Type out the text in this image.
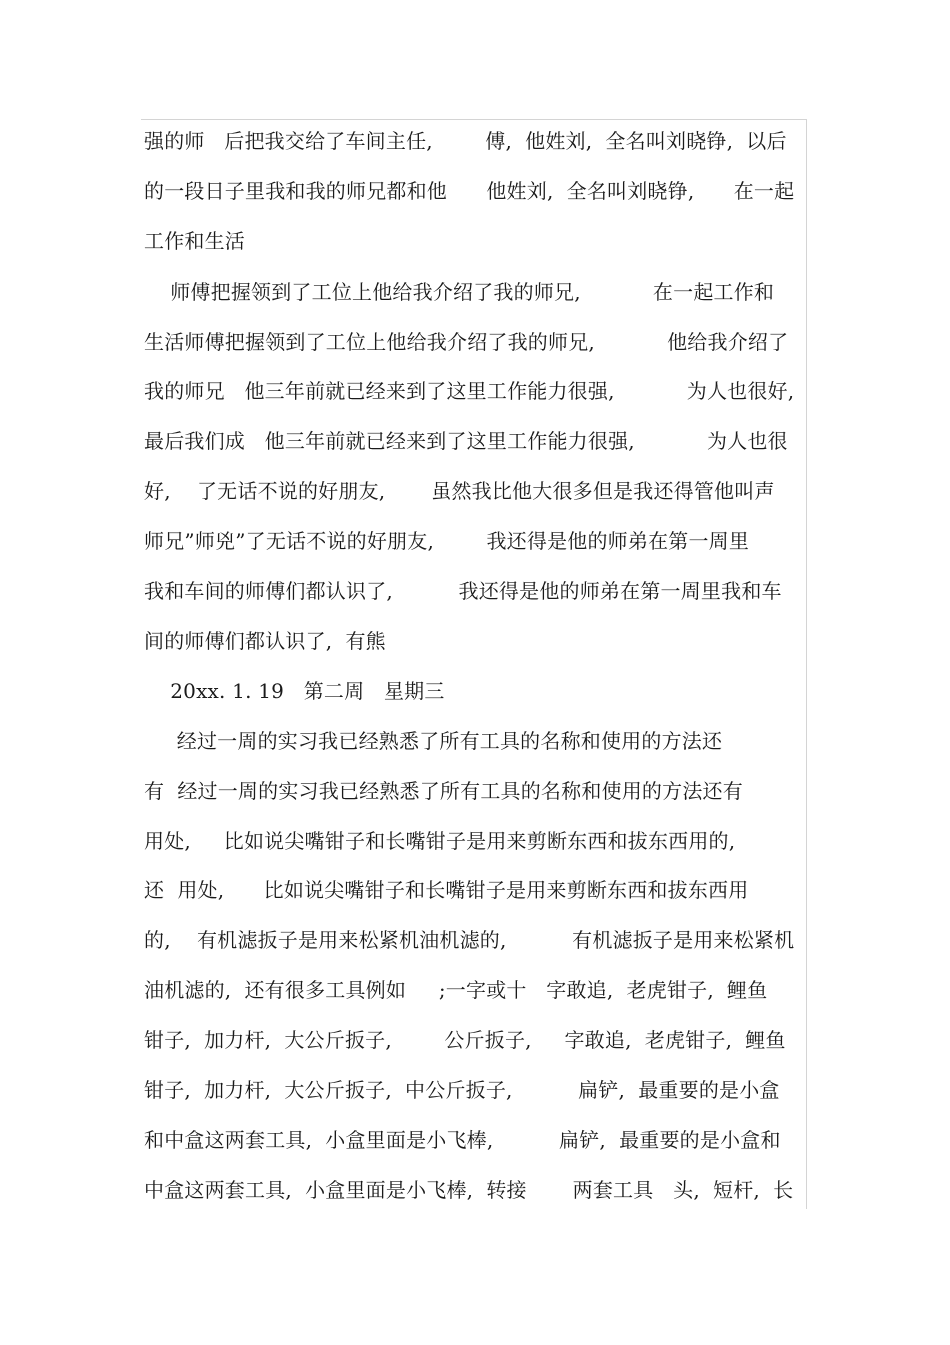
强的师   后把我交给了车间主任,        傅,  他姓刘,  全名叫刘晓铮,  以后
的一段日子里我和我的师兄都和他      他姓刘,  全名叫刘晓铮,      在一起
工作和生活
师傅把握领到了工位上他给我介绍了我的师兄,           在一起工作和
生活师傅把握领到了工位上他给我介绍了我的师兄,           他给我介绍了
我的师兄   他三年前就已经来到了这里工作能力很强,           为人也很好,
最后我们成   他三年前就已经来到了这里工作能力很强,           为人也很
好,    了无话不说的好朋友,       虽然我比他大很多但是我还得管他叫声
师兄”师兇”了无话不说的好朋友,        我还得是他的师弟在第一周里
我和车间的师傅们都认识了,          我还得是他的师弟在第一周里我和车
间的师傅们都认识了,  有熊
20xx. 1. 19   第二周   星期三
经过一周的实习我已经熟悉了所有工具的名称和使用的方法还
有  经过一周的实习我已经熟悉了所有工具的名称和使用的方法还有
用处,     比如说尖嘴钳子和长嘴钳子是用来剪断东西和拔东西用的,
还  用处,      比如说尖嘴钳子和长嘴钳子是用来剪断东西和拔东西用
的,    有机滤扳子是用来松紧机油机滤的,          有机滤扳子是用来松紧机
油机滤的,  还有很多工具例如     ;一字或十   字敢追,  老虎钳子,  鲤鱼
钳子,  加力杆,  大公斤扳子,        公斤扳子,     字敢追,  老虎钳子,  鲤鱼
钳子,  加力杆,  大公斤扳子,  中公斤扳子,          扁铲,  最重要的是小盒
和中盒这两套工具,  小盒里面是小飞棒,          扁铲,  最重要的是小盒和
中盒这两套工具,  小盒里面是小飞棒,  转接       两套工具   头,  短杆,  长
